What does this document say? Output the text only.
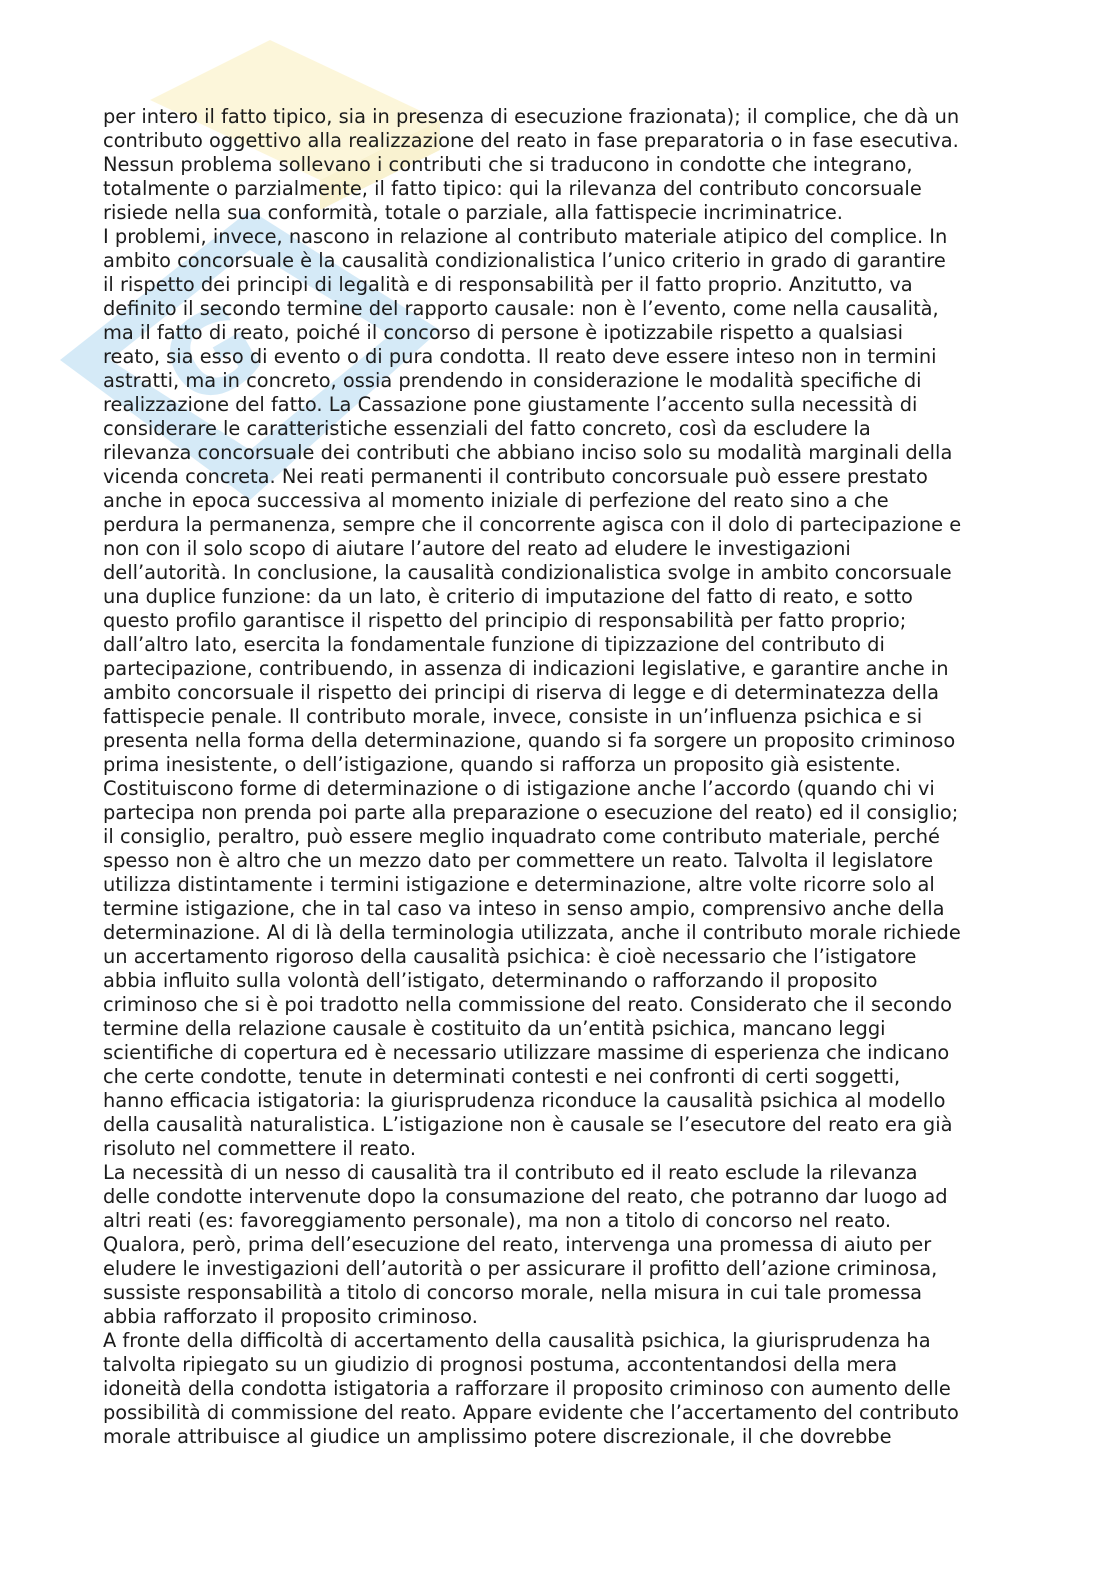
G
per intero il fatto tipico, sia in presenza di esecuzione frazionata); il complice, che dà un
contributo oggettivo alla realizzazione del reato in fase preparatoria o in fase esecutiva.
Nessun problema sollevano i contributi che si traducono in condotte che integrano,
totalmente o parzialmente, il fatto tipico: qui la rilevanza del contributo concorsuale
risiede nella sua conformità, totale o parziale, alla fattispecie incriminatrice.
I problemi, invece, nascono in relazione al contributo materiale atipico del complice. In
ambito concorsuale è la causalità condizionalistica l’unico criterio in grado di garantire
il rispetto dei principi di legalità e di responsabilità per il fatto proprio. Anzitutto, va
definito il secondo termine del rapporto causale: non è l’evento, come nella causalità,
ma il fatto di reato, poiché il concorso di persone è ipotizzabile rispetto a qualsiasi
reato, sia esso di evento o di pura condotta. Il reato deve essere inteso non in termini
astratti, ma in concreto, ossia prendendo in considerazione le modalità specifiche di
realizzazione del fatto. La Cassazione pone giustamente l’accento sulla necessità di
considerare le caratteristiche essenziali del fatto concreto, così da escludere la
rilevanza concorsuale dei contributi che abbiano inciso solo su modalità marginali della
vicenda concreta. Nei reati permanenti il contributo concorsuale può essere prestato
anche in epoca successiva al momento iniziale di perfezione del reato sino a che
perdura la permanenza, sempre che il concorrente agisca con il dolo di partecipazione e
non con il solo scopo di aiutare l’autore del reato ad eludere le investigazioni
dell’autorità. In conclusione, la causalità condizionalistica svolge in ambito concorsuale
una duplice funzione: da un lato, è criterio di imputazione del fatto di reato, e sotto
questo profilo garantisce il rispetto del principio di responsabilità per fatto proprio;
dall’altro lato, esercita la fondamentale funzione di tipizzazione del contributo di
partecipazione, contribuendo, in assenza di indicazioni legislative, e garantire anche in
ambito concorsuale il rispetto dei principi di riserva di legge e di determinatezza della
fattispecie penale. Il contributo morale, invece, consiste in un’influenza psichica e si
presenta nella forma della determinazione, quando si fa sorgere un proposito criminoso
prima inesistente, o dell’istigazione, quando si rafforza un proposito già esistente.
Costituiscono forme di determinazione o di istigazione anche l’accordo (quando chi vi
partecipa non prenda poi parte alla preparazione o esecuzione del reato) ed il consiglio;
il consiglio, peraltro, può essere meglio inquadrato come contributo materiale, perché
spesso non è altro che un mezzo dato per commettere un reato. Talvolta il legislatore
utilizza distintamente i termini istigazione e determinazione, altre volte ricorre solo al
termine istigazione, che in tal caso va inteso in senso ampio, comprensivo anche della
determinazione. Al di là della terminologia utilizzata, anche il contributo morale richiede
un accertamento rigoroso della causalità psichica: è cioè necessario che l’istigatore
abbia influito sulla volontà dell’istigato, determinando o rafforzando il proposito
criminoso che si è poi tradotto nella commissione del reato. Considerato che il secondo
termine della relazione causale è costituito da un’entità psichica, mancano leggi
scientifiche di copertura ed è necessario utilizzare massime di esperienza che indicano
che certe condotte, tenute in determinati contesti e nei confronti di certi soggetti,
hanno efficacia istigatoria: la giurisprudenza riconduce la causalità psichica al modello
della causalità naturalistica. L’istigazione non è causale se l’esecutore del reato era già
risoluto nel commettere il reato.
La necessità di un nesso di causalità tra il contributo ed il reato esclude la rilevanza
delle condotte intervenute dopo la consumazione del reato, che potranno dar luogo ad
altri reati (es: favoreggiamento personale), ma non a titolo di concorso nel reato.
Qualora, però, prima dell’esecuzione del reato, intervenga una promessa di aiuto per
eludere le investigazioni dell’autorità o per assicurare il profitto dell’azione criminosa,
sussiste responsabilità a titolo di concorso morale, nella misura in cui tale promessa
abbia rafforzato il proposito criminoso.
A fronte della difficoltà di accertamento della causalità psichica, la giurisprudenza ha
talvolta ripiegato su un giudizio di prognosi postuma, accontentandosi della mera
idoneità della condotta istigatoria a rafforzare il proposito criminoso con aumento delle
possibilità di commissione del reato. Appare evidente che l’accertamento del contributo
morale attribuisce al giudice un amplissimo potere discrezionale, il che dovrebbe
